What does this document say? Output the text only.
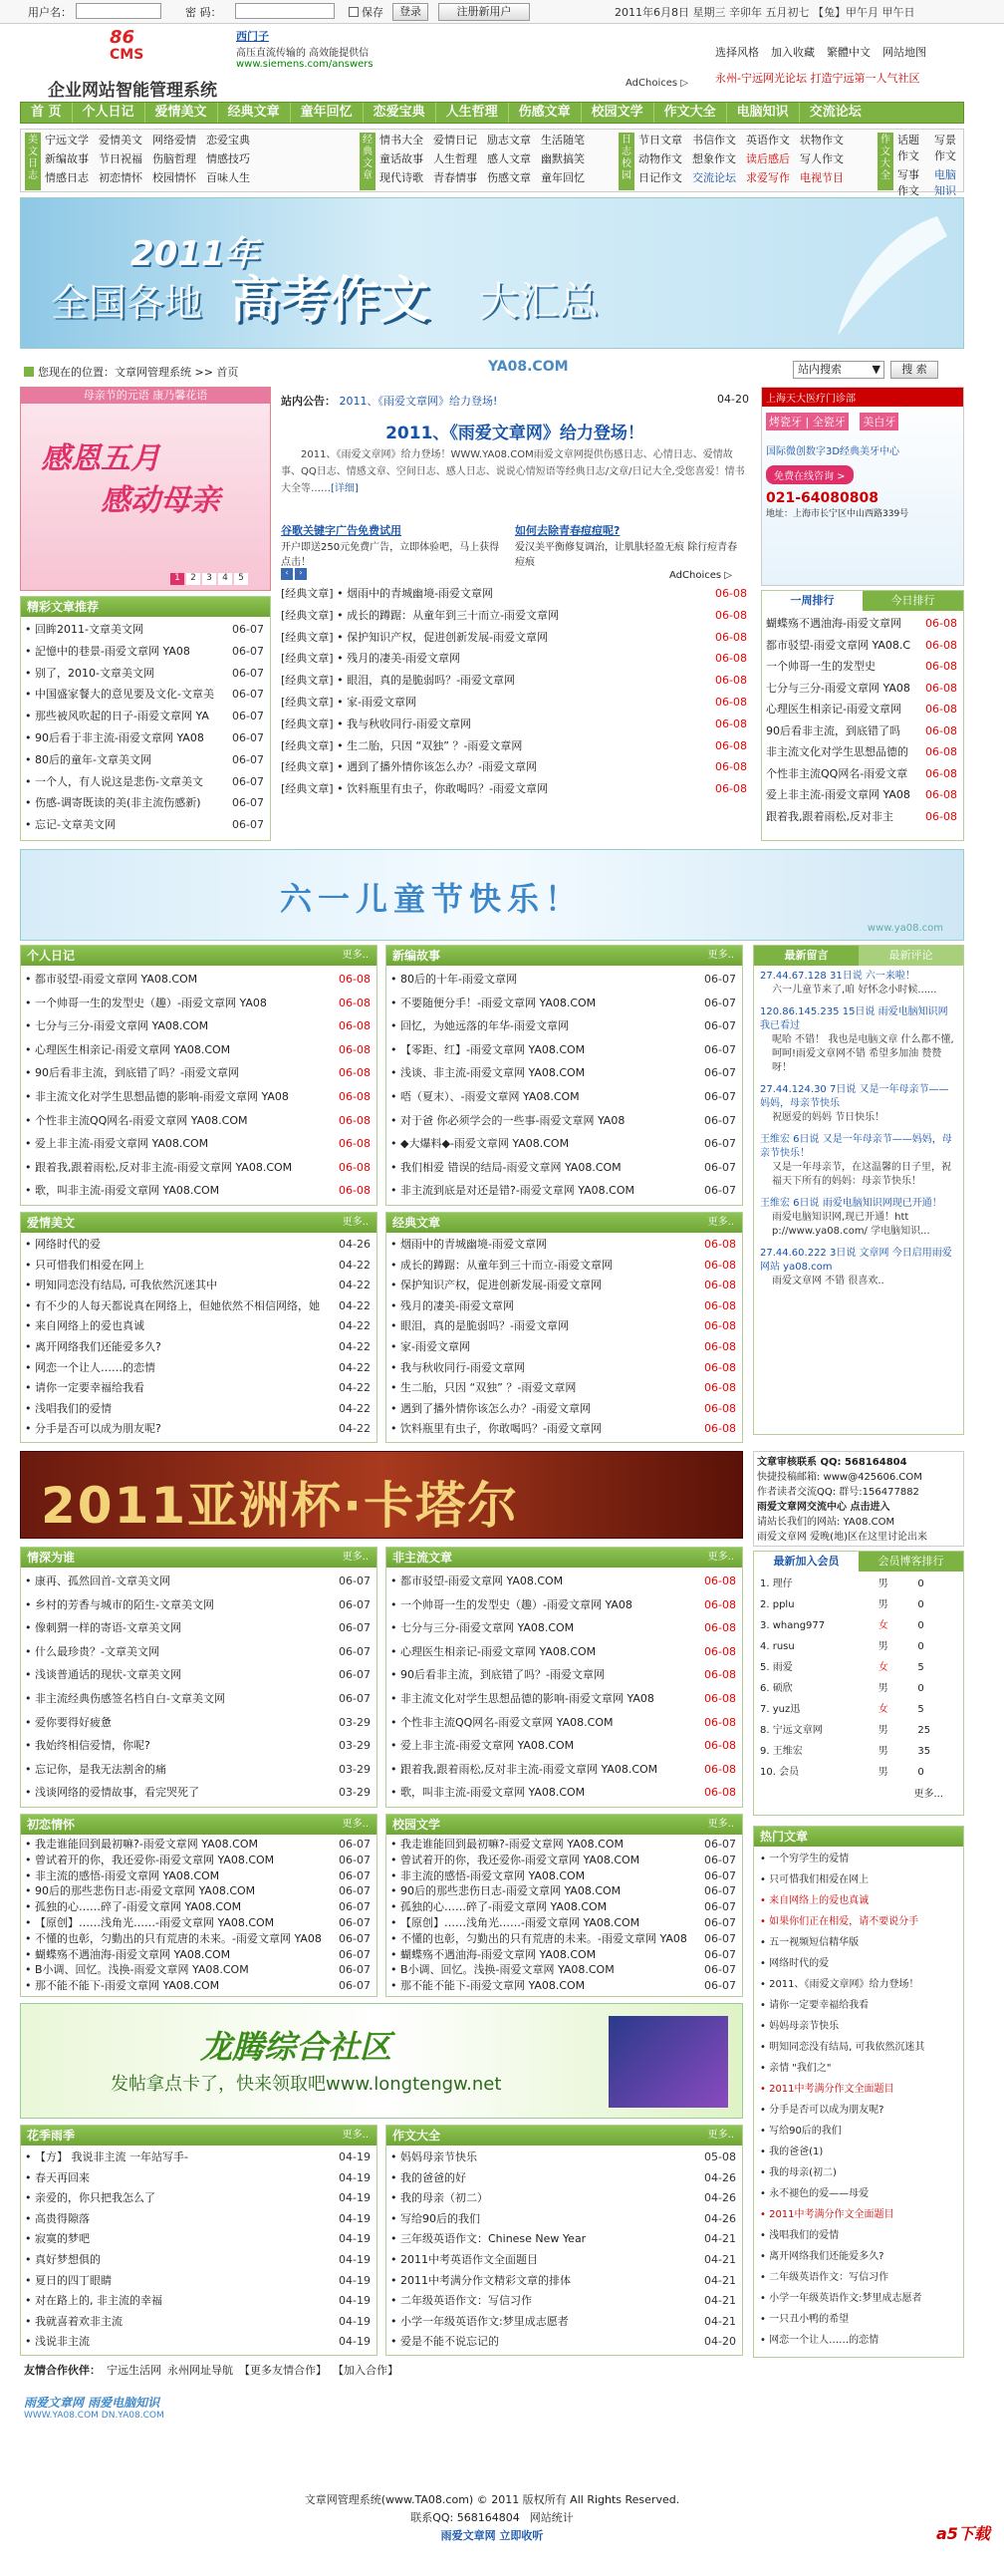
用户名：	密 码：	保存	登录	注册新用户	2011年6月8日 星期三 辛卯年 五月初七 【兔】甲午月 甲午日
86
CMS
企业网站智能管理系统
西门子
高压直流传输的 高效能提供信
www.siemens.com/answers
AdChoices ▷
选择风格 加入收藏 繁體中文 网站地图
永州-宁远网光论坛 打造宁远第一人气社区
首 页 个人日记 爱情美文 经典文章 童年回忆 恋爱宝典 人生哲理 伤感文章 校园文学 作文大全 电脑知识 交流论坛
美文日志
宁远文学 爱情美文 网络爱情 恋爱宝典
新编故事 节日祝福 伤脑哲理 情感技巧
情感日志 初恋情怀 校园情怀 百味人生
经典文章
情书大全 爱情日记 励志文章 生活随笔
童话故事 人生哲理 感人文章 幽默搞笑
现代诗歌 青春情事 伤感文章 童年回忆
日志校园
节日文章 书信作文 英语作文 状物作文
动物作文 想象作文 读后感后 写人作文
日记作文 交流论坛 求爱写作 电视节目
作文大全
话题作文
写景作文
写事作文
电脑知识
2011年
全国各地 高考作文 大汇总
您现在的位置：文章网管理系统 >> 首页	YA08.COM	站内搜索	▼	搜 索
母亲节的元语 康乃馨花语
感恩五月
感动母亲
1	2	3	4	5
精彩文章推荐
• 回眸2011-文章美文网	06-07
• 記憶中的巷景-雨爱文章网 YA08	06-07
• 别了，2010-文章美文网	06-07
• 中国盛家餐大的意见要及文化-文章美 06-07
• 那些被风吹起的日子-雨爱文章网 YA 06-07
• 90后看于非主流-雨爱文章网 YA08	06-07
• 80后的童年-文章美文网	06-07
• 一个人，有人说这是悲伤-文章美文	06-07
• 伤感-调寄既读的美(非主流伤感新)	06-07
• 忘记-文章美文网	06-07
站内公告： 2011、《雨爱文章网》给力登场!	04-20
2011、《雨爱文章网》给力登场！
2011、《雨爱文章网》给力登场！WWW.YA08.COM雨爱文章网提供伤感日志、心情日志、爱情故事、QQ日志、情感文章、空间日志、感人日志、说说心情短语等经典日志/文章/日记大全,受您喜爱！情书大全等……[详细]
谷歌关键字广告免费试用
开户即送250元免费广告，立即体验吧，马上获得点击！
如何去除青春痘痘呢?
爱汉美平衡修复调治，让肌肤轻盈无痕 除行痘青春痘痕
‹	›	AdChoices ▷
[经典文章] • 烟雨中的青城幽境-雨爱文章网	06-08
[经典文章] • 成长的蹲踞：从童年到三十而立-雨爱文章网	06-08
[经典文章] • 保护知识产权，促进创新发展-雨爱文章网	06-08
[经典文章] • 残月的凄美-雨爱文章网	06-08
[经典文章] • 眼泪，真的是脆弱吗？-雨爱文章网	06-08
[经典文章] • 家-雨爱文章网	06-08
[经典文章] • 我与秋收同行-雨爱文章网	06-08
[经典文章] • 生二胎，只因 “双独” ？-雨爱文章网	06-08
[经典文章] • 遇到了播外情你该怎么办？-雨爱文章网	06-08
[经典文章] • 饮料瓶里有虫子，你敢喝吗？-雨爱文章网	06-08
上海天大医疗门诊部
烤瓷牙 | 全瓷牙 美白牙
国际微创数字3D经典美牙中心
免费在线咨询 >
021-64080808
地址：上海市长宁区中山西路339号
一周排行	今日排行
蝴蝶殇不遇油海-雨爱文章网 06-08
都市驳望-雨爱文章网 YA08.C 06-08
一个帅哥一生的发型史	06-08
七分与三分-雨爱文章网 YA08 06-08
心理医生相亲记-雨爱文章网 06-08
90后看非主流，到底错了吗 06-08
非主流文化对学生思想品德的 06-08
个性非主流QQ网名-雨爱文章 06-08
爱上非主流-雨爱文章网 YA08 06-08
跟着我,跟着雨松,反对非主	06-08
六一儿童节快乐！
www.ya08.com
个人日记	更多..
• 都市驳望-雨爱文章网 YA08.COM	06-08
• 一个帅哥一生的发型史（趣）-雨爱文章网 YA08	06-08
• 七分与三分-雨爱文章网 YA08.COM	06-08
• 心理医生相亲记-雨爱文章网 YA08.COM	06-08
• 90后看非主流，到底错了吗？-雨爱文章网	06-08
• 非主流文化对学生思想品德的影响-雨爱文章网 YA08	06-08
• 个性非主流QQ网名-雨爱文章网 YA08.COM	06-08
• 爱上非主流-雨爱文章网 YA08.COM	06-08
• 跟着我,跟着雨松,反对非主流-雨爱文章网 YA08.COM	06-08
• 歌，叫非主流-雨爱文章网 YA08.COM	06-08
新编故事	更多..
• 80后的十年-雨爱文章网	06-07
• 不要随便分手！-雨爱文章网 YA08.COM	06-07
• 回忆，为她远落的年华-雨爱文章网	06-07
• 【零距、红】-雨爱文章网 YA08.COM	06-07
• 浅谈、非主流-雨爱文章网 YA08.COM	06-07
• 唔（夏末）、-雨爱文章网 YA08.COM	06-07
• 对于爸 你必须学会的一些事-雨爱文章网 YA08	06-07
• ◆大爆料◆-雨爱文章网 YA08.COM	06-07
• 我们相爱 错误的结局-雨爱文章网 YA08.COM	06-07
• 非主流到底是对还是错?-雨爱文章网 YA08.COM	06-07
爱情美文	更多..
• 网络时代的爱	04-26
• 只可惜我们相爱在网上	04-22
• 明知同恋没有结局, 可我依然沉迷其中	04-22
• 有不少的人每天都说真在网络上，但她依然不相信网络，她 04-22
• 来自网络上的爱也真诚	04-22
• 离开网络我们还能爱多久?	04-22
• 网恋一个让人……的恋情	04-22
• 请你一定要幸福给我看	04-22
• 浅唱我们的爱情	04-22
• 分手是否可以成为朋友呢?	04-22
经典文章	更多..
• 烟雨中的青城幽境-雨爱文章网	06-08
• 成长的蹲踞：从童年到三十而立-雨爱文章网	06-08
• 保护知识产权，促进创新发展-雨爱文章网	06-08
• 残月的凄美-雨爱文章网	06-08
• 眼泪，真的是脆弱吗？-雨爱文章网	06-08
• 家-雨爱文章网	06-08
• 我与秋收同行-雨爱文章网	06-08
• 生二胎，只因 “双独” ？-雨爱文章网	06-08
• 遇到了播外情你该怎么办？-雨爱文章网	06-08
• 饮料瓶里有虫子，你敢喝吗？-雨爱文章网	06-08
情深为谁	更多..
• 康再、孤然回首-文章美文网	06-07
• 乡村的芳香与城市的陌生-文章美文网	06-07
• 像刺猬一样的寄语-文章美文网	06-07
• 什么最珍贵？-文章美文网	06-07
• 浅谈普通话的现状-文章美文网	06-07
• 非主流经典伤感签名档自白-文章美文网	06-07
• 爱你要得好疲惫	03-29
• 我始终相信爱情，你呢?	03-29
• 忘记你，是我无法割舍的痛	03-29
• 浅谈网络的爱情故事，看完哭死了	03-29
非主流文章	更多..
• 都市驳望-雨爱文章网 YA08.COM	06-08
• 一个帅哥一生的发型史（趣）-雨爱文章网 YA08	06-08
• 七分与三分-雨爱文章网 YA08.COM	06-08
• 心理医生相亲记-雨爱文章网 YA08.COM	06-08
• 90后看非主流，到底错了吗？-雨爱文章网	06-08
• 非主流文化对学生思想品德的影响-雨爱文章网 YA08	06-08
• 个性非主流QQ网名-雨爱文章网 YA08.COM	06-08
• 爱上非主流-雨爱文章网 YA08.COM	06-08
• 跟着我,跟着雨松,反对非主流-雨爱文章网 YA08.COM	06-08
• 歌，叫非主流-雨爱文章网 YA08.COM	06-08
初恋情怀	更多..
• 我走谁能回到最初嘛?-雨爱文章网 YA08.COM	06-07
• 曾试着开的你，我还爱你-雨爱文章网 YA08.COM	06-07
• 非主流的感悟-雨爱文章网 YA08.COM	06-07
• 90后的那些悲伤日志-雨爱文章网 YA08.COM	06-07
• 孤独的心……碎了-雨爱文章网 YA08.COM	06-07
• 【原创】……浅角光……-雨爱文章网 YA08.COM	06-07
• 不懂的也彰，匀勤出的只有荒唐的未来。-雨爱文章网 YA08 06-07
• 蝴蝶殇不遇油海-雨爱文章网 YA08.COM	06-07
• B小调、回忆。浅换-雨爱文章网 YA08.COM	06-07
• 那不能不能下-雨爱文章网 YA08.COM	06-07
校园文学	更多..
• 我走谁能回到最初嘛?-雨爱文章网 YA08.COM	06-07
• 曾试着开的你，我还爱你-雨爱文章网 YA08.COM	06-07
• 非主流的感悟-雨爱文章网 YA08.COM	06-07
• 90后的那些悲伤日志-雨爱文章网 YA08.COM	06-07
• 孤独的心……碎了-雨爱文章网 YA08.COM	06-07
• 【原创】……浅角光……-雨爱文章网 YA08.COM	06-07
• 不懂的也彰，匀勤出的只有荒唐的未来。-雨爱文章网 YA08 06-07
• 蝴蝶殇不遇油海-雨爱文章网 YA08.COM	06-07
• B小调、回忆。浅换-雨爱文章网 YA08.COM	06-07
• 那不能不能下-雨爱文章网 YA08.COM	06-07
花季雨季	更多..
• 【方】 我说非主流 一年站写手-	04-19
• 春天再回来	04-19
• 亲爱的，你只把我怎么了	04-19
• 高贵得隙落	04-19
• 寂寞的梦吧	04-19
• 真好梦想俱的	04-19
• 夏日的四丁眼睛	04-19
• 对在路上的, 非主流的幸福	04-19
• 我就喜着欢非主流	04-19
• 浅说非主流	04-19
作文大全	更多..
• 妈妈母亲节快乐	05-08
• 我的爸爸的好	04-26
• 我的母亲（初二）	04-26
• 写给90后的我们	04-26
• 三年级英语作文：Chinese New Year	04-21
• 2011中考英语作文全面题目	04-21
• 2011中考满分作文精彩文章的排体	04-21
• 二年级英语作文：写信习作	04-21
• 小学一年级英语作文:梦里成志愿者	04-21
• 爱是不能不说忘记的	04-20
最新留言	最新评论
27.44.67.128 31日说 六一来啦！
六一儿童节来了,咱 好怀念小时候......
120.86.145.235 15日说 雨爱电脑知识网我已看过
呢哈 不错！ 我也是电脑文章 什么都不懂,呵呵!雨爱文章网不错 希望多加油 赞赞呀！
27.44.124.30 7日说 又是一年母亲节——妈妈，母亲节快乐
祝愿爱的妈妈 节日快乐！
王维宏 6日说 又是一年母亲节——妈妈，母亲节快乐！
又是一年母亲节，在这温馨的日子里，祝福天下所有的妈妈：母亲节快乐！
王维宏 6日说 雨爱电脑知识网现已开通！
雨爱电脑知识网,现已开通！htt p://www.ya08.com/ 学电脑知识...
27.44.60.222 3日说 文章网 今日启用雨爱网站 ya08.com
雨爱文章网 不错 很喜欢..
2011亚洲杯·卡塔尔
文章审核联系 QQ: 568164804
快捷投稿邮箱: www@425606.COM
作者读者交流QQ: 群号:156477882
雨爱文章网交流中心 点击进入
请站长我们的网站: YA08.COM
雨爱文章网 爱晚(地)区在这里讨论出来
最新加入会员	会员博客排行
1. 理仔	男	0
2. pplu	男	0
3. whang977	女	0
4. rusu	男	0
5. 雨爱	女	5
6. 硕欣	男	0
7. yuz迅	女	5
8. 宁远文章网	男	25
9. 王维宏	男	35
10. 会员	男	0
更多...
热门文章
• 一个穷学生的爱情
• 只可惜我们相爱在网上
• 来自网络上的爱也真诚
• 如果你们正在相爱，请不要说分手
• 五一视频短信精华版
• 网络时代的爱
• 2011、《雨爱文章网》给力登场！
• 请你一定要幸福给我看
• 妈妈母亲节快乐
• 明知同恋没有结局, 可我依然沉迷其
• 亲情 "我们之"
• 2011中考满分作文全面题目
• 分手是否可以成为朋友呢?
• 写给90后的我们
• 我的爸爸(1)
• 我的母亲(初二)
• 永不褪色的爱——母爱
• 2011中考满分作文全面题目
• 浅唱我们的爱情
• 离开网络我们还能爱多久?
• 二年级英语作文：写信习作
• 小学一年级英语作文:梦里成志愿者
• 一只丑小鸭的希望
• 网恋一个让人……的恋情
龙腾综合社区
发帖拿点卡了，快来领取吧www.longtengw.net
友情合作伙伴： 宁远生活网 永州网址导航 【更多友情合作】 【加入合作】
雨爱文章网 雨爱电脑知识
WWW.YA08.COM DN.YA08.COM
文章网管理系统(www.TA08.com) © 2011 版权所有 All Rights Reserved.
联系QQ: 568164804 网站统计
雨爱文章网 立即收听	a5下载
